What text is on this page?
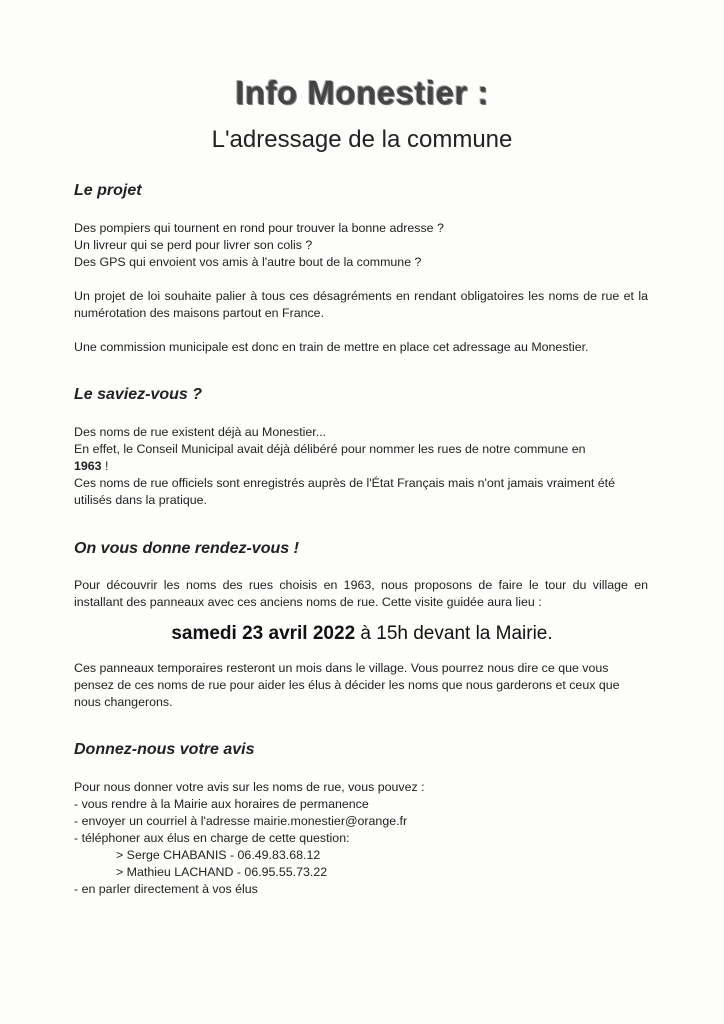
Info Monestier :
L'adressage de la commune
Le projet
Des pompiers qui tournent en rond pour trouver la bonne adresse ?
Un livreur qui se perd pour livrer son colis ?
Des GPS qui envoient vos amis à l'autre bout de la commune ?
Un projet de loi souhaite palier à tous ces désagréments en rendant obligatoires les noms de rue et la numérotation des maisons partout en France.
Une commission municipale est donc en train de mettre en place cet adressage au Monestier.
Le saviez-vous ?
Des noms de rue existent déjà au Monestier...
En effet, le Conseil Municipal avait déjà délibéré pour nommer les rues de notre commune en
1963 !
Ces noms de rue officiels sont enregistrés auprès de l'État Français mais n'ont jamais vraiment été utilisés dans la pratique.
On vous donne rendez-vous !
Pour découvrir les noms des rues choisis en 1963, nous proposons de faire le tour du village en installant des panneaux avec ces anciens noms de rue. Cette visite guidée aura lieu :
samedi 23 avril 2022 à 15h devant la Mairie.
Ces panneaux temporaires resteront un mois dans le village. Vous pourrez nous dire ce que vous pensez de ces noms de rue pour aider les élus à décider les noms que nous garderons et ceux que nous changerons.
Donnez-nous votre avis
Pour nous donner votre avis sur les noms de rue, vous pouvez :
- vous rendre à la Mairie aux horaires de permanence
- envoyer un courriel à l'adresse mairie.monestier@orange.fr
- téléphoner aux élus en charge de cette question:
> Serge CHABANIS - 06.49.83.68.12
> Mathieu LACHAND - 06.95.55.73.22
- en parler directement à vos élus
